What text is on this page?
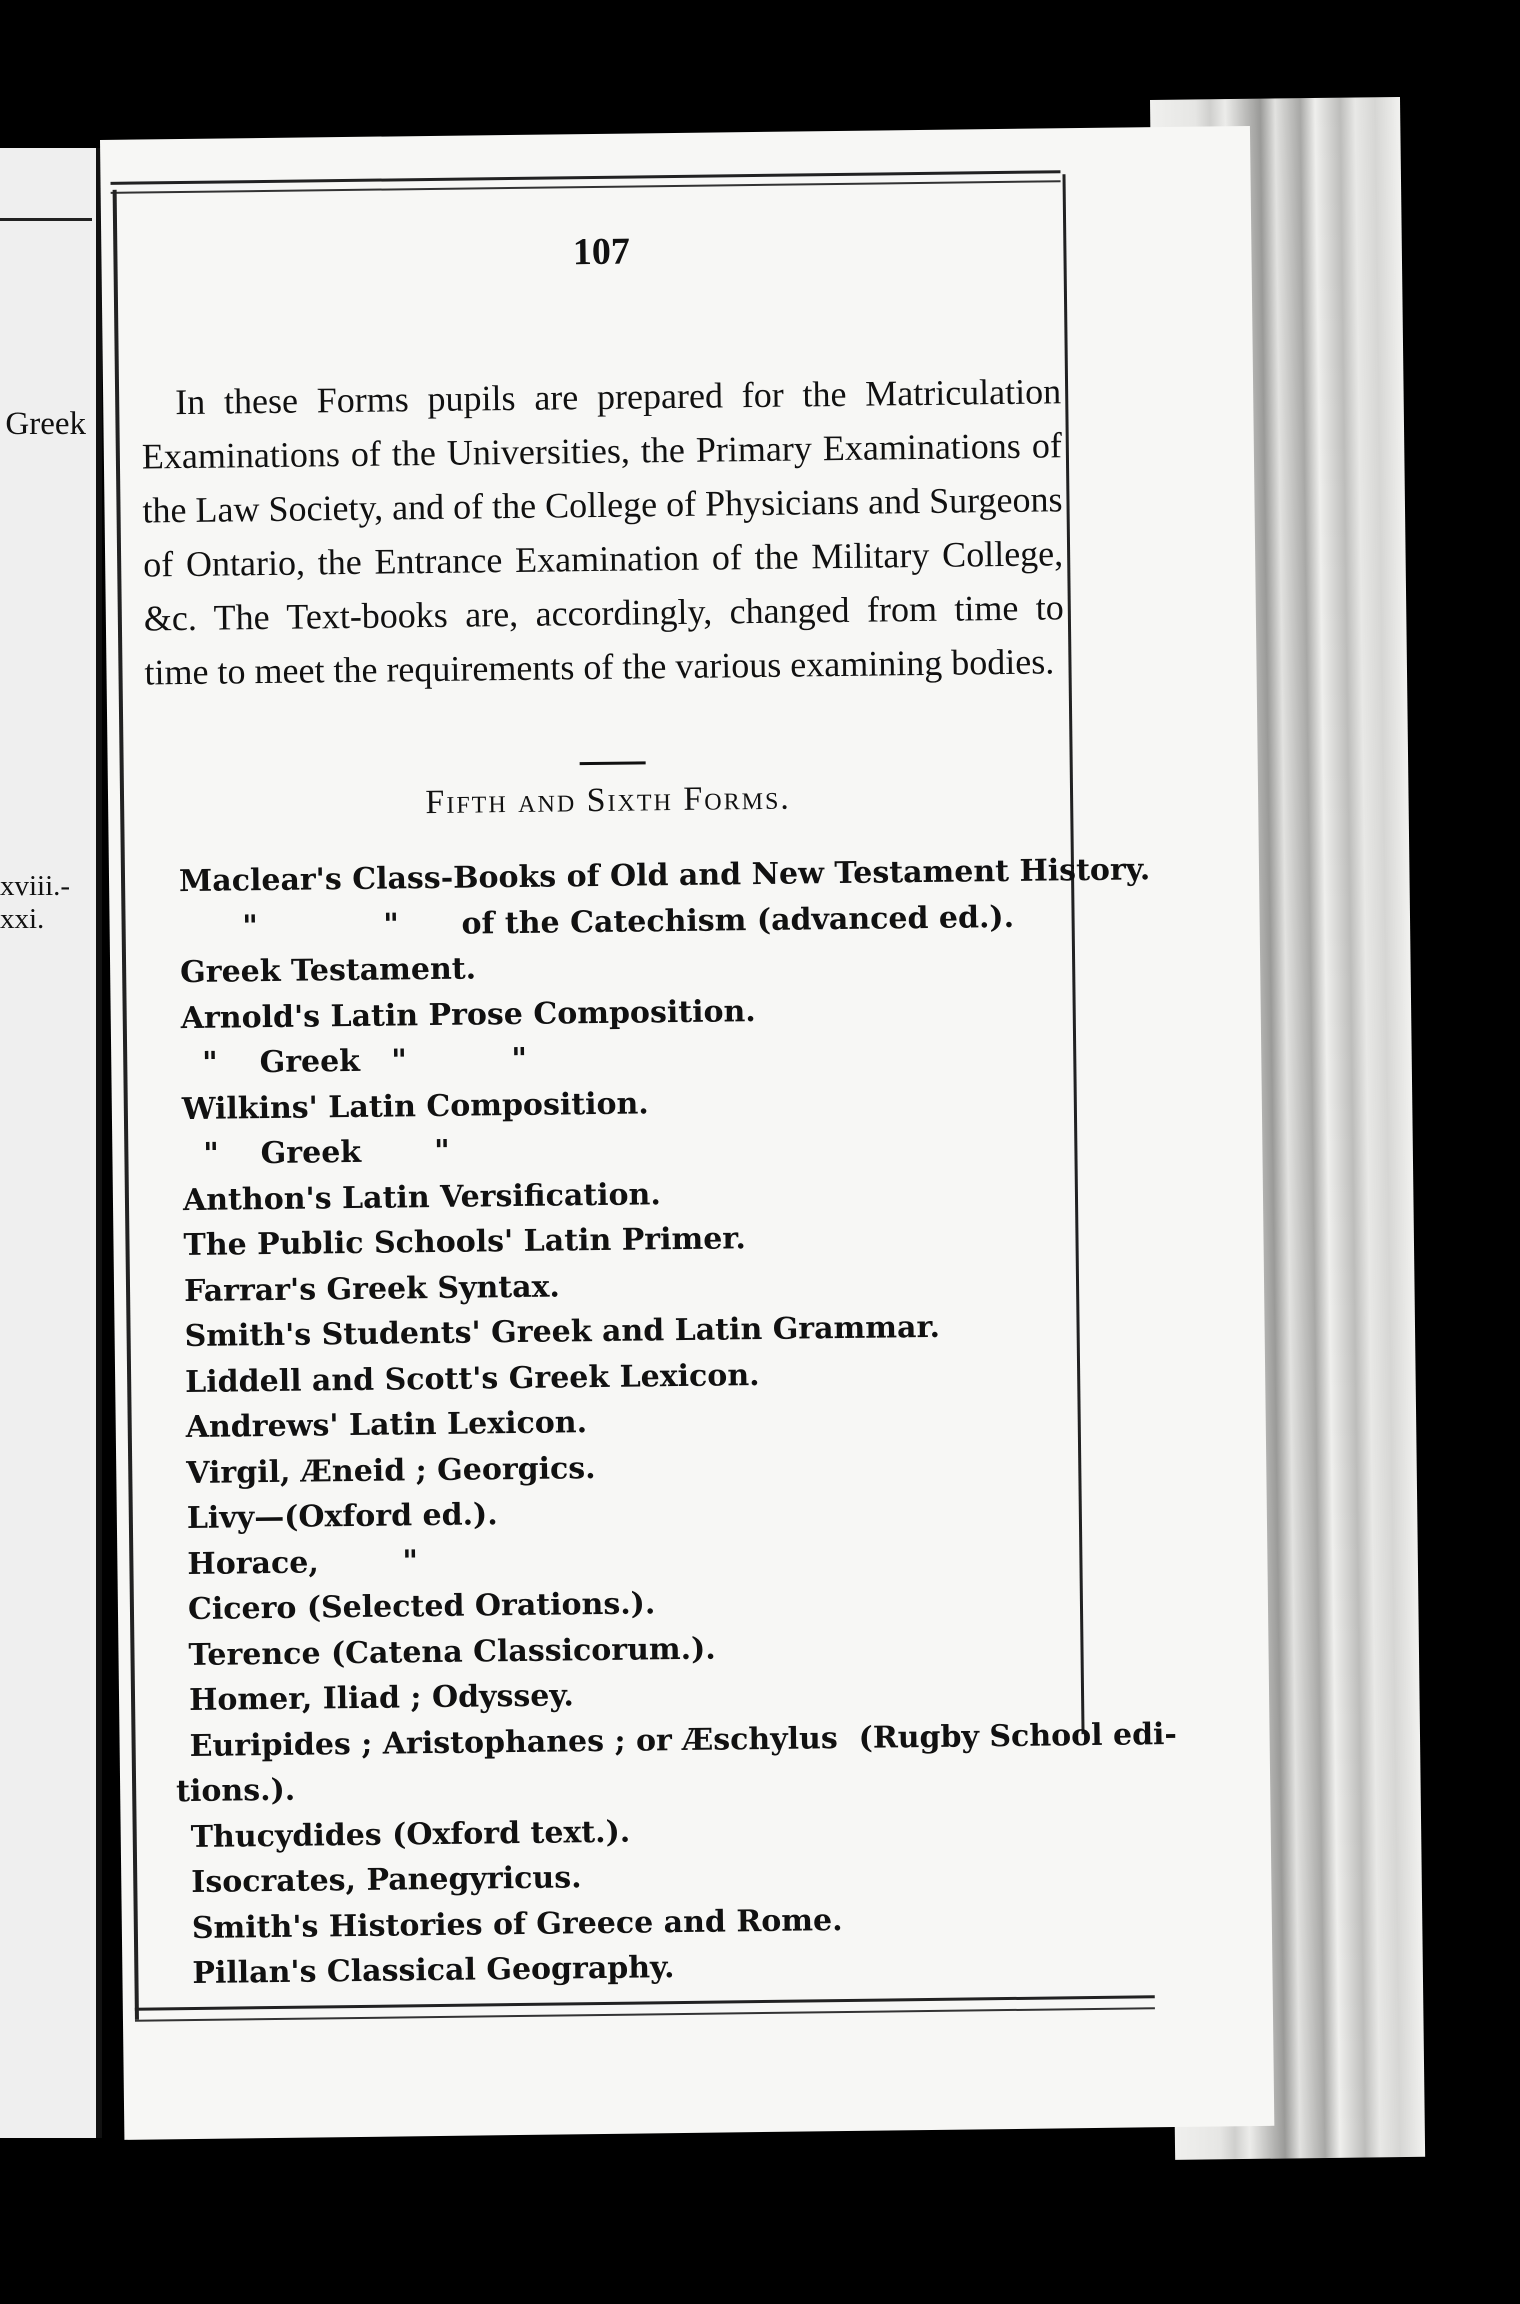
Greek
xviii.-xxi.
107

In these Forms pupils are prepared for the Matriculation Examinations of the Universities, the Primary Examinations of the Law Society, and of the College of Physicians and Surgeons of Ontario, the Entrance Examination of the Military College, &c. The Text-books are, accordingly, changed from time to time to meet the requirements of the various examining bodies.

Fifth and Sixth Forms.
Maclear's Class-Books of Old and New Testament History.
"            "      of the Catechism (advanced ed.).
Greek Testament.
Arnold's Latin Prose Composition.
"    Greek   "          "
Wilkins' Latin Composition.
"    Greek       "
Anthon's Latin Versification.
The Public Schools' Latin Primer.
Farrar's Greek Syntax.
Smith's Students' Greek and Latin Grammar.
Liddell and Scott's Greek Lexicon.
Andrews' Latin Lexicon.
Virgil, Æneid ; Georgics.
Livy—(Oxford ed.).
Horace,        "
Cicero (Selected Orations.).
Terence (Catena Classicorum.).
Homer, Iliad ; Odyssey.
Euripides ; Aristophanes ; or Æschylus  (Rugby School edi-
tions.).
Thucydides (Oxford text.).
Isocrates, Panegyricus.
Smith's Histories of Greece and Rome.
Pillan's Classical Geography.
